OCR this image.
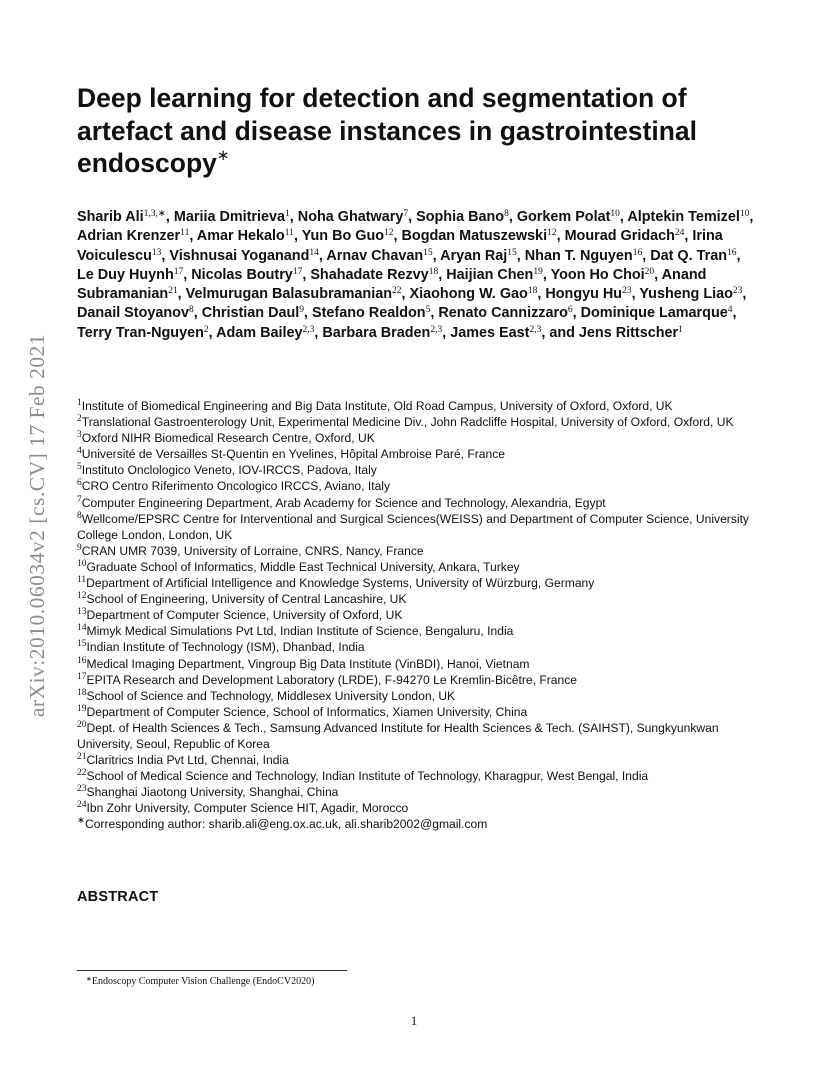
arXiv:2010.06034v2 [cs.CV] 17 Feb 2021
Deep learning for detection and segmentation of artefact and disease instances in gastrointestinal endoscopy∗

Sharib Ali$^{1,3,∗}$, Mariia Dmitrieva$^1$, Noha Ghatwary$^7$, Sophia Bano$^8$, Gorkem Polat$^{10}$, Alptekin Temizel$^{10}$, Adrian Krenzer$^{11}$, Amar Hekalo$^{11}$, Yun Bo Guo$^{12}$, Bogdan Matuszewski$^{12}$, Mourad Gridach$^{24}$, Irina Voiculescu$^{13}$, Vishnusai Yoganand$^{14}$, Arnav Chavan$^{15}$, Aryan Raj$^{15}$, Nhan T. Nguyen$^{16}$, Dat Q. Tran$^{16}$, Le Duy Huynh$^{17}$, Nicolas Boutry$^{17}$, Shahadate Rezvy$^{18}$, Haijian Chen$^{19}$, Yoon Ho Choi$^{20}$, Anand Subramanian$^{21}$, Velmurugan Balasubramanian$^{22}$, Xiaohong W. Gao$^{18}$, Hongyu Hu$^{23}$, Yusheng Liao$^{23}$, Danail Stoyanov$^8$, Christian Daul$^9$, Stefano Realdon$^5$, Renato Cannizzaro$^6$, Dominique Lamarque$^4$, Terry Tran-Nguyen$^2$, Adam Bailey$^{2,3}$, Barbara Braden$^{2,3}$, James East$^{2,3}$, and Jens Rittscher$^1$

$^1$Institute of Biomedical Engineering and Big Data Institute, Old Road Campus, University of Oxford, Oxford, UK
$^2$Translational Gastroenterology Unit, Experimental Medicine Div., John Radcliffe Hospital, University of Oxford, Oxford, UK
$^3$Oxford NIHR Biomedical Research Centre, Oxford, UK
$^4$Université de Versailles St-Quentin en Yvelines, Hôpital Ambroise Paré, France
$^5$Instituto Onclologico Veneto, IOV-IRCCS, Padova, Italy
$^6$CRO Centro Riferimento Oncologico IRCCS, Aviano, Italy
$^7$Computer Engineering Department, Arab Academy for Science and Technology, Alexandria, Egypt
$^8$Wellcome/EPSRC Centre for Interventional and Surgical Sciences(WEISS) and Department of Computer Science, University College London, London, UK
$^9$CRAN UMR 7039, University of Lorraine, CNRS, Nancy, France
$^{10}$Graduate School of Informatics, Middle East Technical University, Ankara, Turkey
$^{11}$Department of Artificial Intelligence and Knowledge Systems, University of Würzburg, Germany
$^{12}$School of Engineering, University of Central Lancashire, UK
$^{13}$Department of Computer Science, University of Oxford, UK
$^{14}$Mimyk Medical Simulations Pvt Ltd, Indian Institute of Science, Bengaluru, India
$^{15}$Indian Institute of Technology (ISM), Dhanbad, India
$^{16}$Medical Imaging Department, Vingroup Big Data Institute (VinBDI), Hanoi, Vietnam
$^{17}$EPITA Research and Development Laboratory (LRDE), F-94270 Le Kremlin-Bicêtre, France
$^{18}$School of Science and Technology, Middlesex University London, UK
$^{19}$Department of Computer Science, School of Informatics, Xiamen University, China
$^{20}$Dept. of Health Sciences & Tech., Samsung Advanced Institute for Health Sciences & Tech. (SAIHST), Sungkyunkwan University, Seoul, Republic of Korea
$^{21}$Claritrics India Pvt Ltd, Chennai, India
$^{22}$School of Medical Science and Technology, Indian Institute of Technology, Kharagpur, West Bengal, India
$^{23}$Shanghai Jiaotong University, Shanghai, China
$^{24}$Ibn Zohr University, Computer Science HIT, Agadir, Morocco
∗Corresponding author: sharib.ali@eng.ox.ac.uk, ali.sharib2002@gmail.com
ABSTRACT

∗Endoscopy Computer Vision Challenge (EndoCV2020)

1
